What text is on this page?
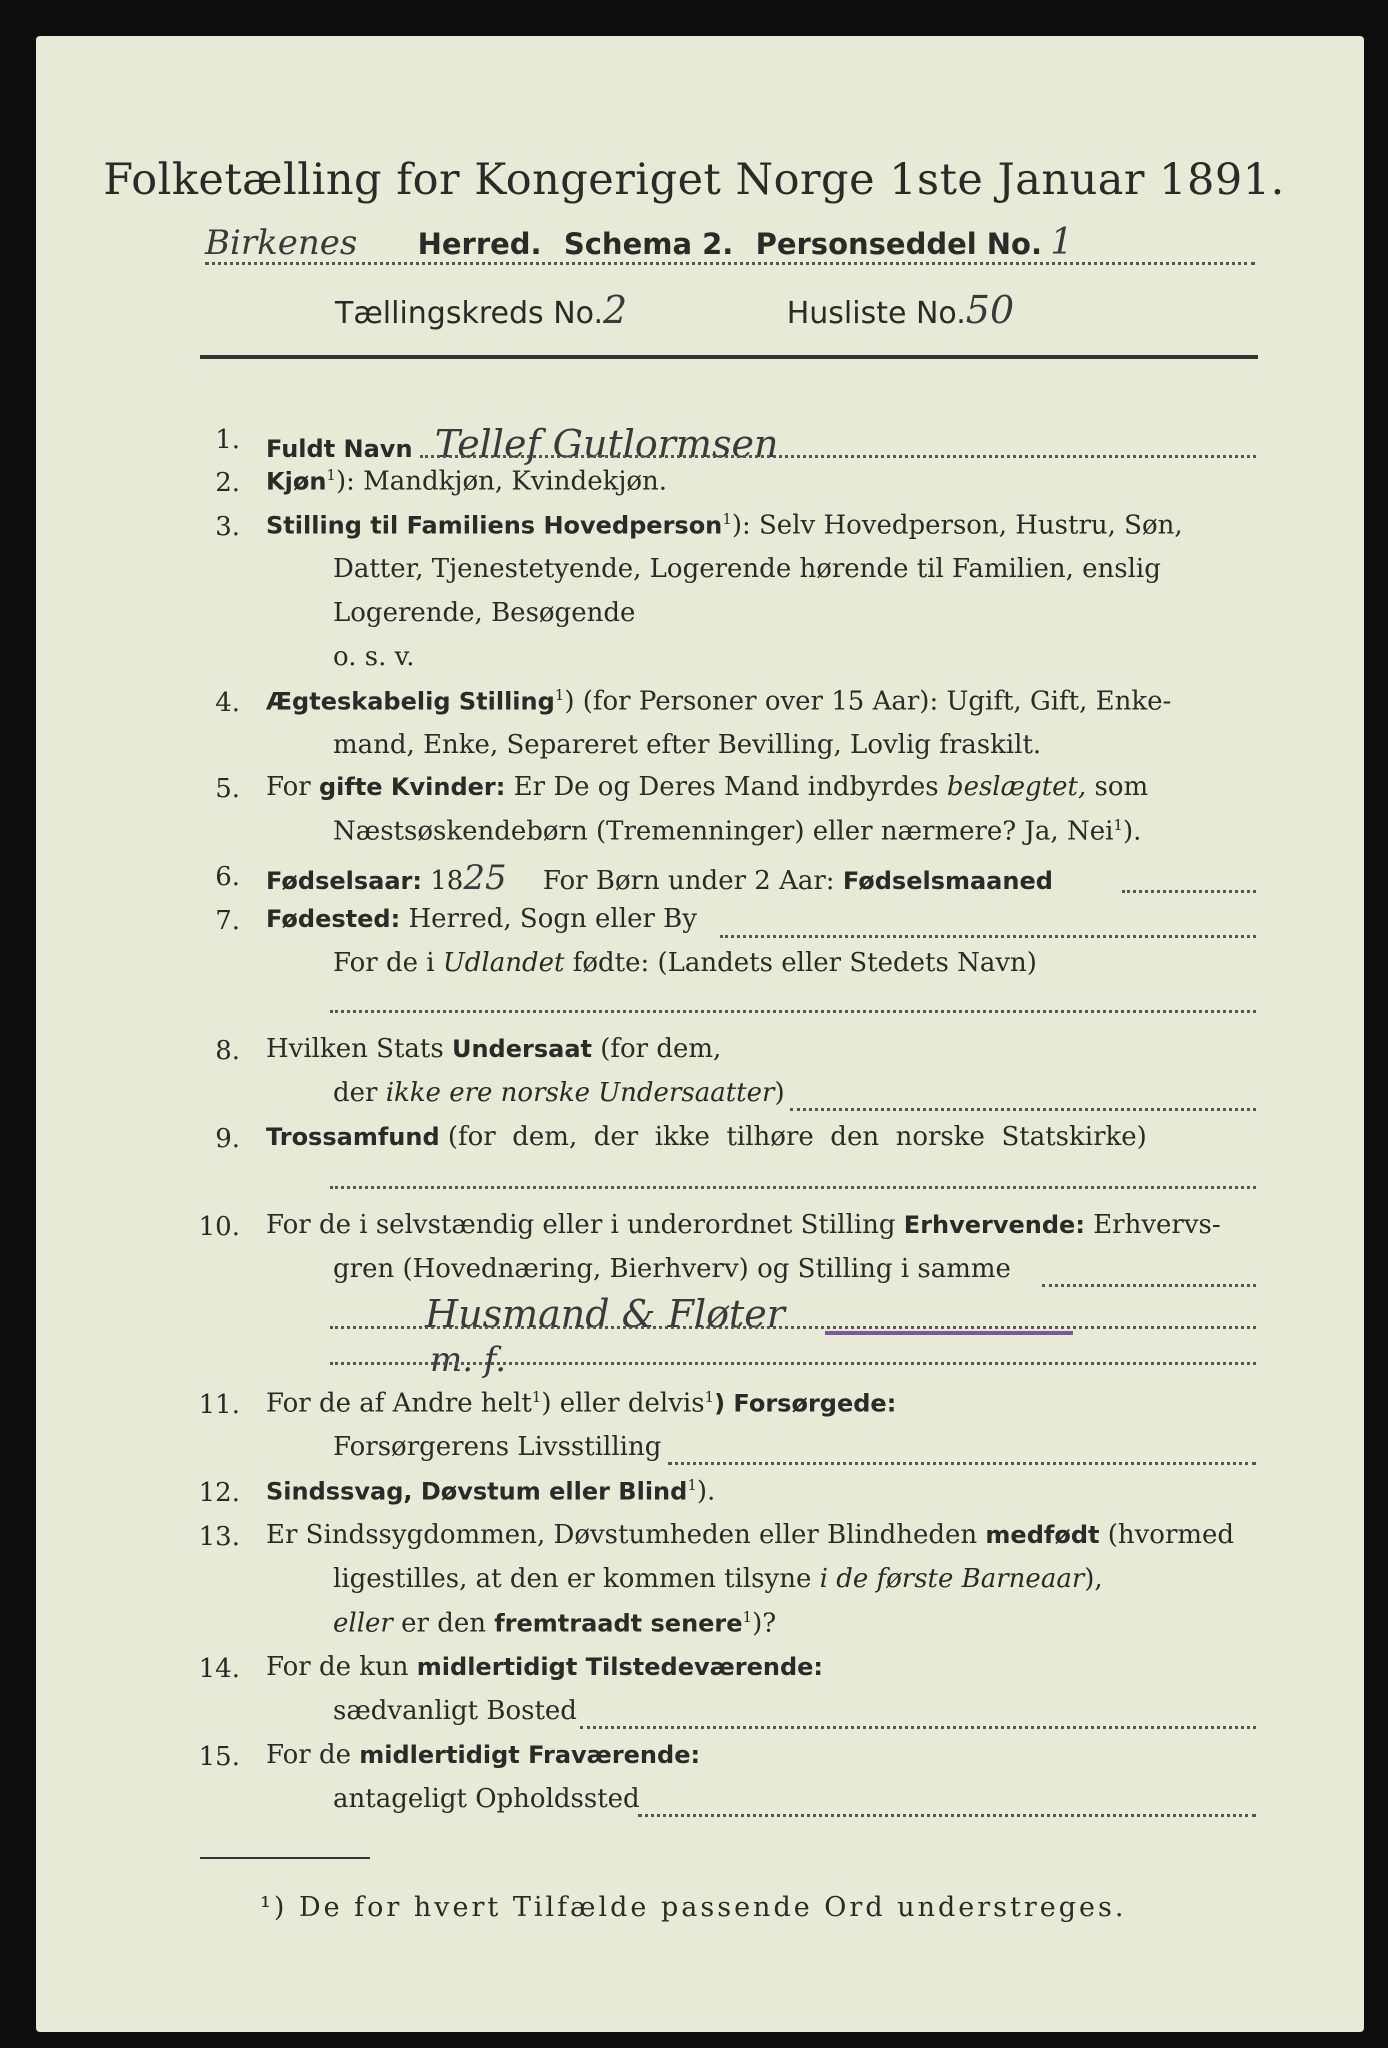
Folketælling for Kongeriget Norge 1ste Januar 1891.
Birkenes Herred. Schema 2. Personseddel No. 1
Tællingskreds No.2	Husliste No.50
1. Fuldt Navn Tellef Gutlormsen
2. Kjøn$^1$): Mandkjøn, Kvindekjøn.
3. Stilling til Familiens Hovedperson$^1$): Selv Hovedperson, Hustru, Søn,
Datter, Tjenestetyende, Logerende hørende til Familien, enslig
Logerende, Besøgende
o. s. v.
4. Ægteskabelig Stilling$^1$) (for Personer over 15 Aar): Ugift, Gift, Enke-
mand, Enke, Separeret efter Bevilling, Lovlig fraskilt.
5. For gifte Kvinder: Er De og Deres Mand indbyrdes beslægtet, som
Næstsøskendebørn (Tremenninger) eller nærmere? Ja, Nei$^1$).
6. Fødselsaar: 1825 For Børn under 2 Aar: Fødselsmaaned
7. Fødested: Herred, Sogn eller By
For de i Udlandet fødte: (Landets eller Stedets Navn)
8. Hvilken Stats Undersaat (for dem,
der ikke ere norske Undersaatter)
9. Trossamfund (for  dem,  der  ikke  tilhøre  den  norske  Statskirke)
10. For de i selvstændig eller i underordnet Stilling Erhvervende: Erhvervs-
gren (Hovednæring, Bierhverv) og Stilling i samme
Husmand & Fløter
m. f.
11. For de af Andre helt$^1$) eller delvis$^1$) Forsørgede:
Forsørgerens Livsstilling
12. Sindssvag, Døvstum eller Blind$^1$).
13. Er Sindssygdommen, Døvstumheden eller Blindheden medfødt (hvormed
ligestilles, at den er kommen tilsyne i de første Barneaar),
eller er den fremtraadt senere$^1$)?
14. For de kun midlertidigt Tilstedeværende:
sædvanligt Bosted
15. For de midlertidigt Fraværende:
antageligt Opholdssted
¹) De for hvert Tilfælde passende Ord understreges.
